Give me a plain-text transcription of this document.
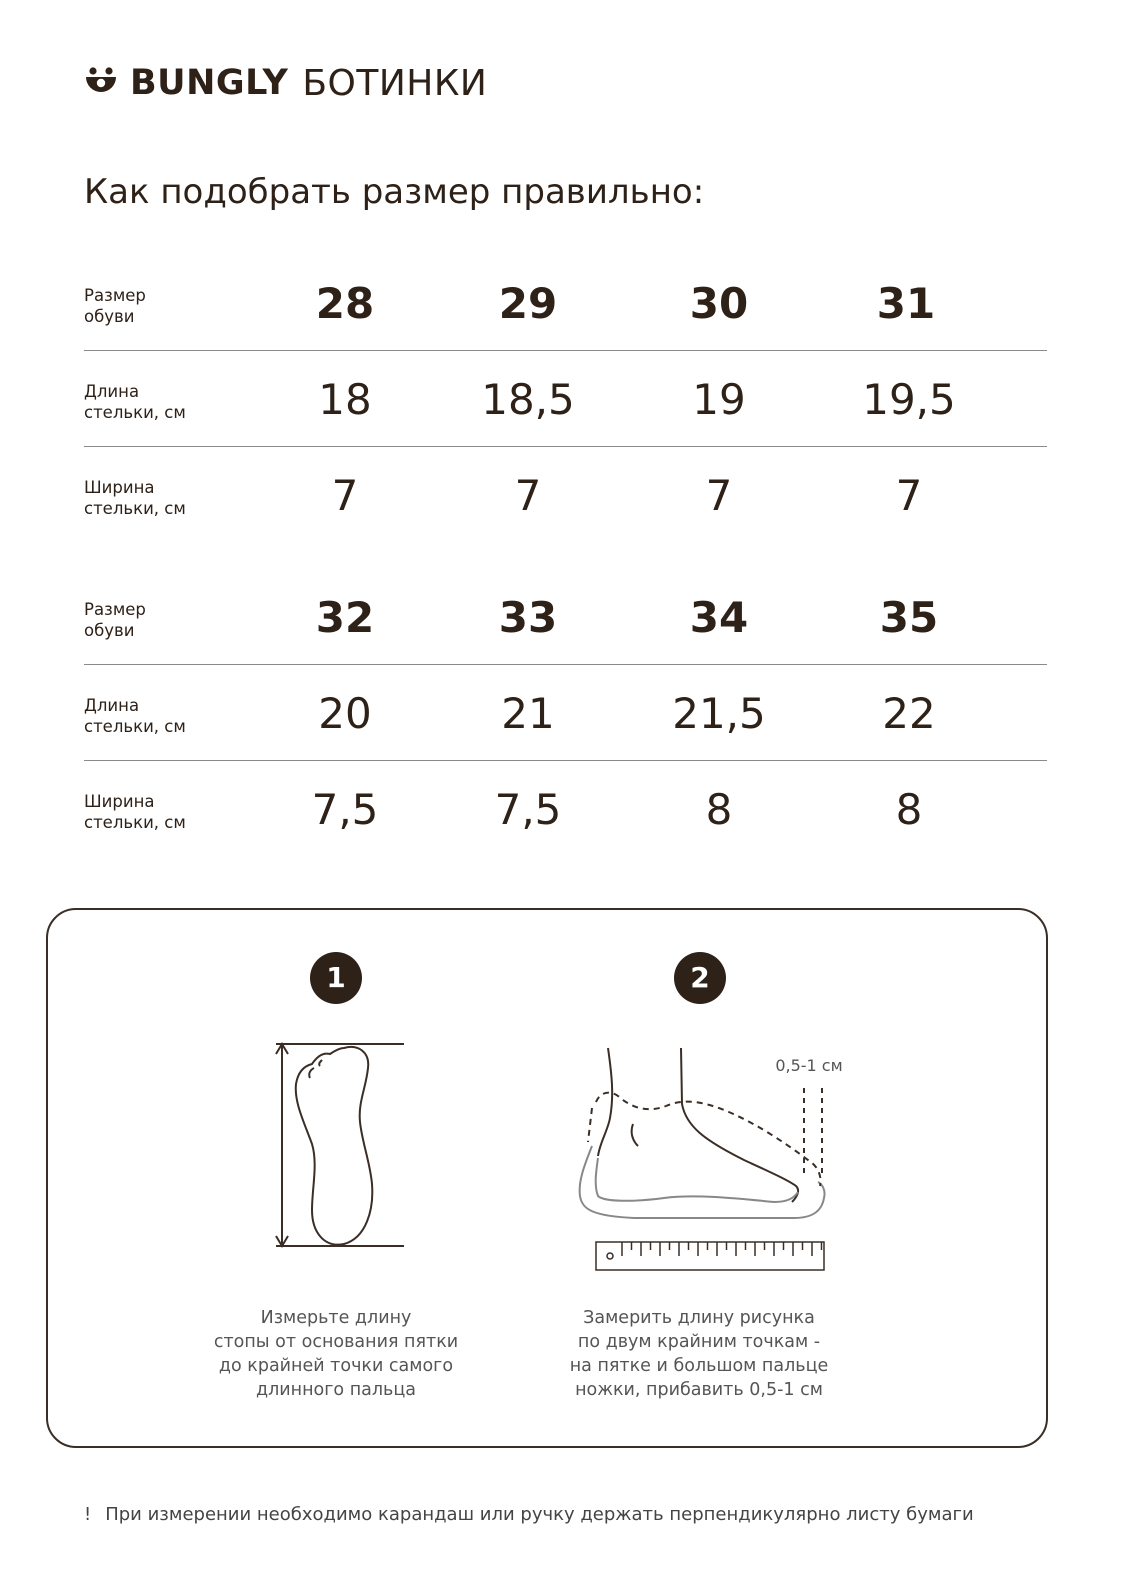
BUNGLY БОТИНКИ
Как подобрать размер правильно:
Размер
обуви	28	29	30	31
Длина
стельки, см	18	18,5	19	19,5
Ширина
стельки, см	7	7	7	7
Размер
обуви	32	33	34	35
Длина
стельки, см	20	21	21,5	22
Ширина
стельки, см	7,5	7,5	8	8
1
Измерьте длину
стопы от основания пятки
до крайней точки самого
длинного пальца
2
0,5-1 см
Замерить длину рисунка
по двум крайним точкам -
на пятке и большом пальце
ножки, прибавить 0,5-1 см
! При измерении необходимо карандаш или ручку держать перпендикулярно листу бумаги
